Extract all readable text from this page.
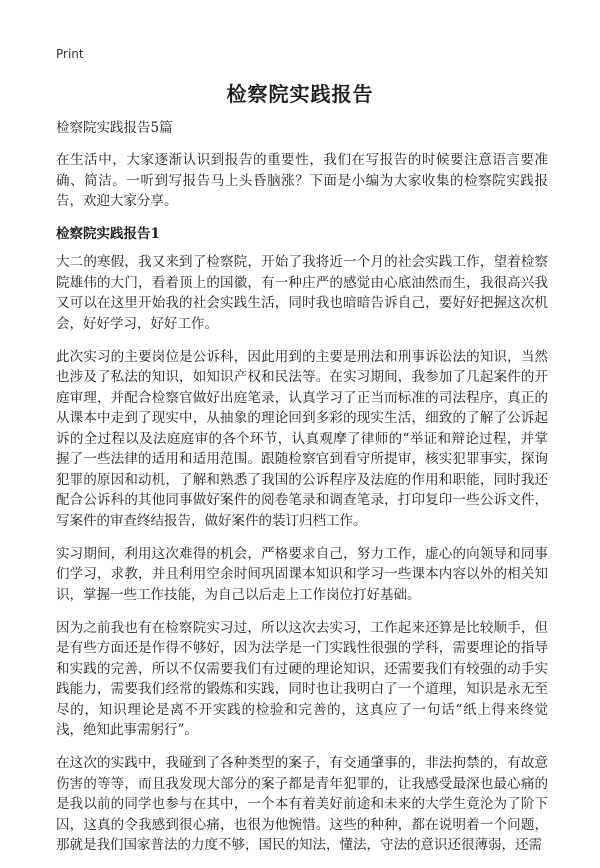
Print
检察院实践报告

检察院实践报告5篇

在生活中，大家逐渐认识到报告的重要性，我们在写报告的时候要注意语言要准确、简洁。一听到写报告马上头昏脑涨？下面是小编为大家收集的检察院实践报告，欢迎大家分享。

检察院实践报告1

大二的寒假，我又来到了检察院，开始了我将近一个月的社会实践工作，望着检察院雄伟的大门，看着顶上的国徽，有一种庄严的感觉由心底油然而生，我很高兴我又可以在这里开始我的社会实践生活，同时我也暗暗告诉自己，要好好把握这次机会，好好学习，好好工作。

此次实习的主要岗位是公诉科，因此用到的主要是刑法和刑事诉讼法的知识，当然也涉及了私法的知识，如知识产权和民法等。在实习期间，我参加了几起案件的开庭审理，并配合检察官做好出庭笔录，认真学习了正当而标准的司法程序，真正的从课本中走到了现实中，从抽象的理论回到多彩的现实生活，细致的了解了公诉起诉的全过程以及法庭庭审的各个环节，认真观摩了律师的“举证和辩论过程，并掌握了一些法律的适用和适用范围。跟随检察官到看守所提审，核实犯罪事实，探询犯罪的原因和动机，了解和熟悉了我国的公诉程序及法庭的作用和职能，同时我还配合公诉科的其他同事做好案件的阅卷笔录和调查笔录，打印复印一些公诉文件，写案件的审查终结报告，做好案件的装订归档工作。

实习期间，利用这次难得的机会，严格要求自己，努力工作，虚心的向领导和同事们学习，求教，并且利用空余时间巩固课本知识和学习一些课本内容以外的相关知识，掌握一些工作技能，为自己以后走上工作岗位打好基础。

因为之前我也有在检察院实习过，所以这次去实习，工作起来还算是比较顺手，但是有些方面还是作得不够好，因为法学是一门实践性很强的学科，需要理论的指导和实践的完善，所以不仅需要我们有过硬的理论知识，还需要我们有较强的动手实践能力，需要我们经常的锻炼和实践，同时也让我明白了一个道理，知识是永无至尽的，知识理论是离不开实践的检验和完善的，这真应了一句话“纸上得来终觉浅，绝知此事需躬行”。

在这次的实践中，我碰到了各种类型的案子，有交通肇事的，非法拘禁的，有故意伤害的等等，而且我发现大部分的案子都是青年犯罪的，让我感受最深也最心痛的是我以前的同学也参与在其中，一个本有着美好前途和未来的大学生竟沦为了阶下囚，这真的令我感到很心痛，也很为他惋惜。这些的种种，都在说明着一个问题，那就是我们国家普法的力度不够，国民的知法，懂法，守法的意识还很薄弱，还需
